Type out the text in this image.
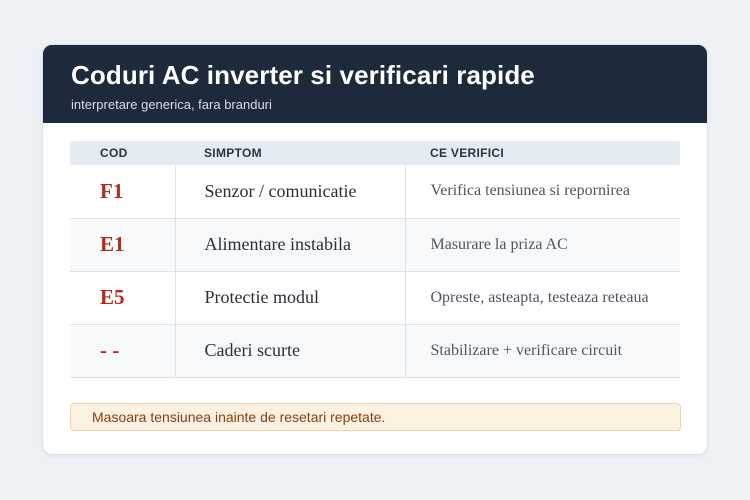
Coduri AC inverter si verificari rapide
interpretare generica, fara branduri
COD	SIMPTOM	CE VERIFICI
F1	Senzor / comunicatie	Verifica tensiunea si repornirea
E1	Alimentare instabila	Masurare la priza AC
E5	Protectie modul	Opreste, asteapta, testeaza reteaua
- -	Caderi scurte	Stabilizare + verificare circuit
Masoara tensiunea inainte de resetari repetate.
